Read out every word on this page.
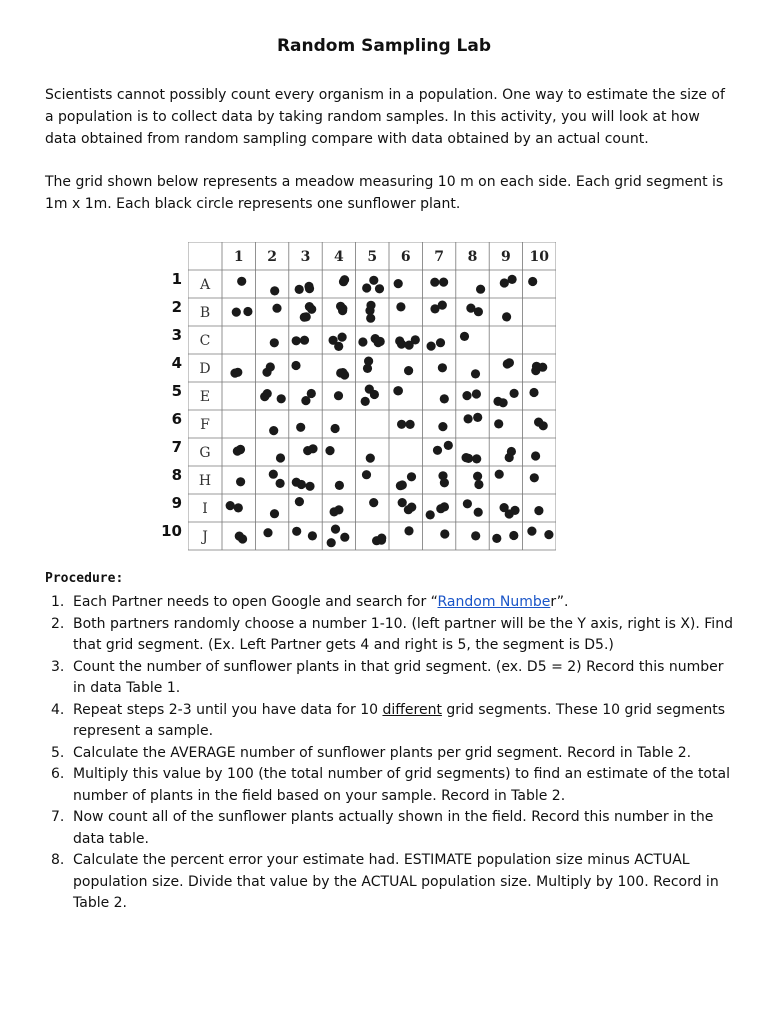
Random Sampling Lab

Scientists cannot possibly count every organism in a population. One way to estimate the size of a population is to collect data by taking random samples. In this activity, you will look at how data obtained from random sampling compare with data obtained by an actual count.

The grid shown below represents a meadow measuring 10 m on each side. Each grid segment is 1m x 1m. Each black circle represents one sunflower plant.

1
2
3
4
5
6
7
8
9
10
1 2 3 4 5 6 7 8 9 10
A
B
C
D
E
F
G
H
I
J
Procedure:
1. Each Partner needs to open Google and search for “Random Number”.
2. Both partners randomly choose a number 1-10. (left partner will be the Y axis, right is X). Find that grid segment. (Ex. Left Partner gets 4 and right is 5, the segment is D5.)
3. Count the number of sunflower plants in that grid segment. (ex. D5 = 2) Record this number in data Table 1.
4. Repeat steps 2-3 until you have data for 10 different grid segments. These 10 grid segments represent a sample.
5. Calculate the AVERAGE number of sunflower plants per grid segment. Record in Table 2.
6. Multiply this value by 100 (the total number of grid segments) to find an estimate of the total number of plants in the field based on your sample. Record in Table 2.
7. Now count all of the sunflower plants actually shown in the field. Record this number in the data table.
8. Calculate the percent error your estimate had. ESTIMATE population size minus ACTUAL population size. Divide that value by the ACTUAL population size. Multiply by 100. Record in Table 2.
